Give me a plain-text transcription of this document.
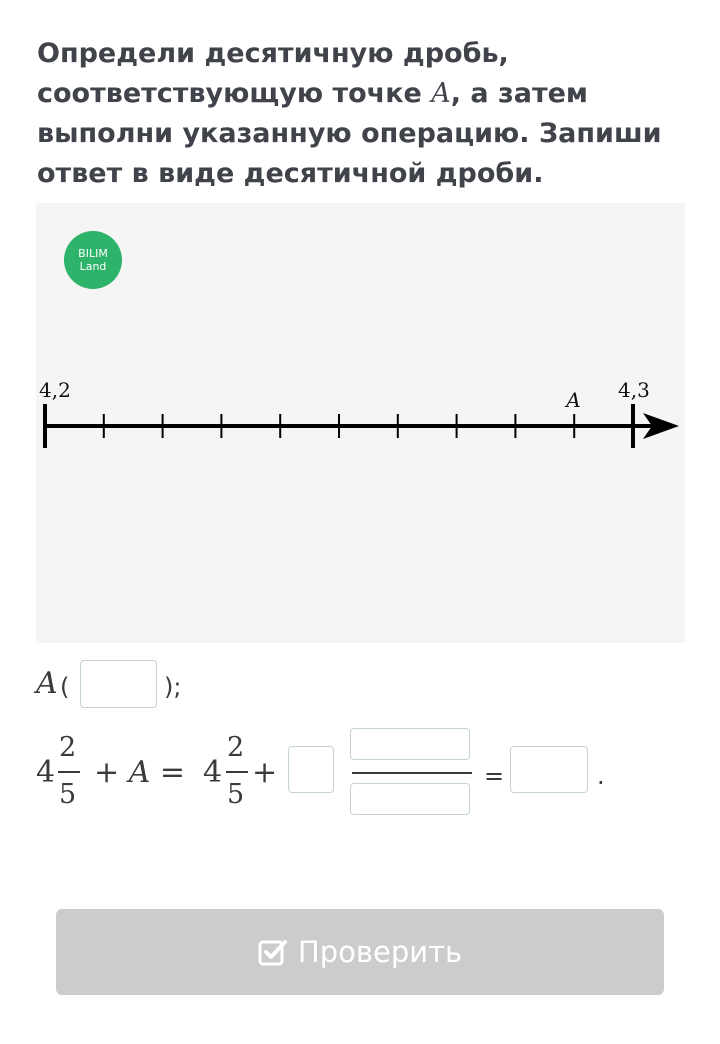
Определи десятичную дробь, соответствующую точке A, а затем выполни указанную операцию. Запиши ответ в виде десятичной дроби.
BILIM
Land
4,2	4,3
A
A (	);
4
2
5
+ A = 4
2
5
+	=	.
Проверить
